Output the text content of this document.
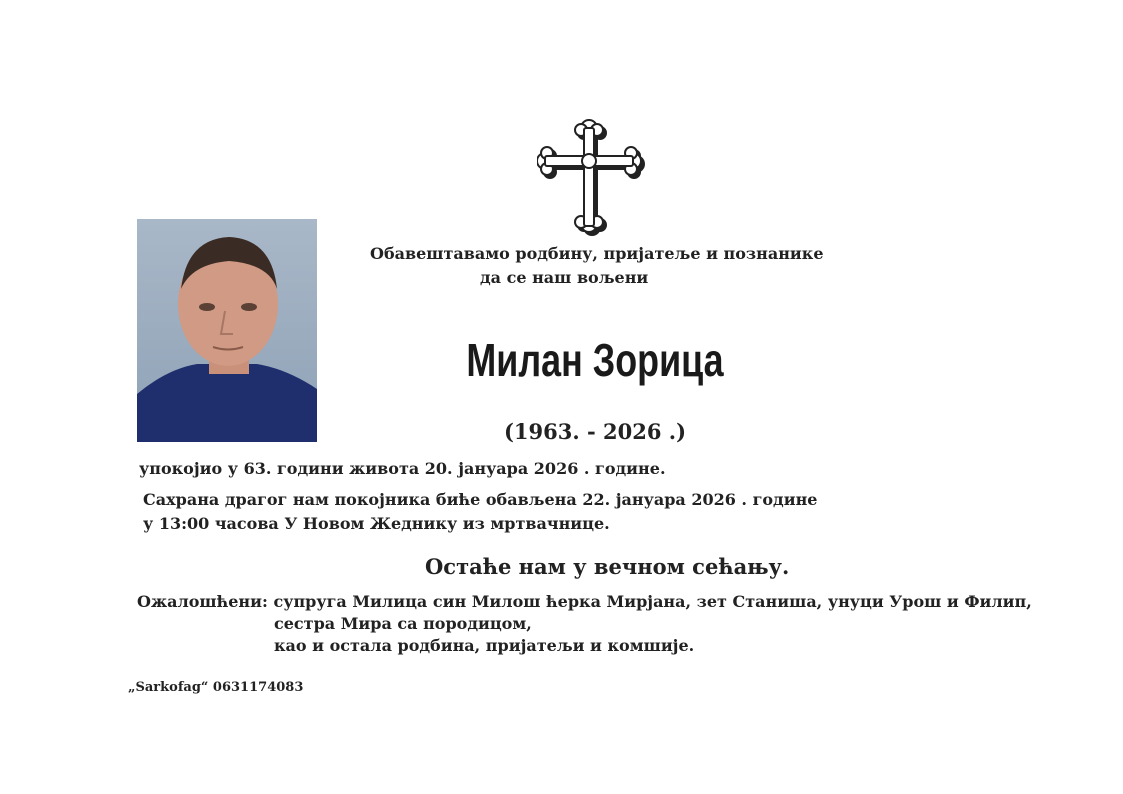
Обавештавамо родбину, пријатеље и познанике
да се наш вољени
Милан Зорица
(1963. - 2026 .)
упокојио у 63. години живота 20. јануара 2026 . године.
Сахрана драгог нам покојника биће обављена 22. јануара 2026 . године
у 13:00 часова У Новом Жеднику из мртвачнице.
Остаће нам у вечном сећању.
Ожалошћени: супруга Милица син Милош ћерка Мирјана, зет Станиша, унуци Урош и Филип,
сестра Мира са породицом,
као и остала родбина, пријатељи и комшије.
„Sarkofag“ 0631174083
